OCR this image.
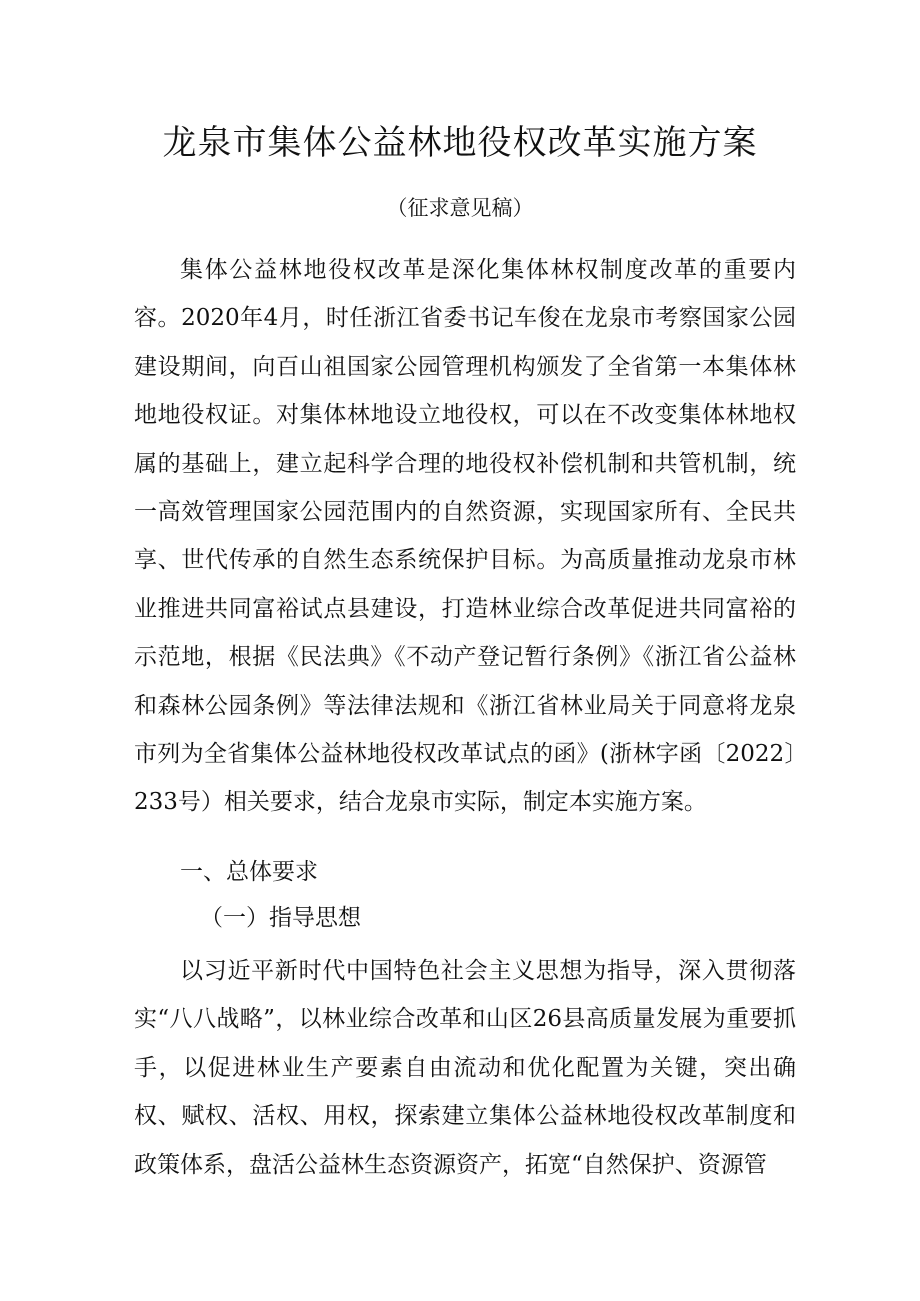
龙泉市集体公益林地役权改革实施方案

（征求意见稿）

集体公益林地役权改革是深化集体林权制度改革的重要内容。2020年4月，时任浙江省委书记车俊在龙泉市考察国家公园建设期间，向百山祖国家公园管理机构颁发了全省第一本集体林地地役权证。对集体林地设立地役权，可以在不改变集体林地权属的基础上，建立起科学合理的地役权补偿机制和共管机制，统一高效管理国家公园范围内的自然资源，实现国家所有、全民共享、世代传承的自然生态系统保护目标。为高质量推动龙泉市林业推进共同富裕试点县建设，打造林业综合改革促进共同富裕的示范地，根据《民法典》《不动产登记暂行条例》《浙江省公益林和森林公园条例》等法律法规和《浙江省林业局关于同意将龙泉市列为全省集体公益林地役权改革试点的函》(浙林字函〔2022〕233号）相关要求，结合龙泉市实际，制定本实施方案。

一、总体要求

（一）指导思想

以习近平新时代中国特色社会主义思想为指导，深入贯彻落实“八八战略”，以林业综合改革和山区26县高质量发展为重要抓手，以促进林业生产要素自由流动和优化配置为关键，突出确权、赋权、活权、用权，探索建立集体公益林地役权改革制度和政策体系，盘活公益林生态资源资产，拓宽“自然保护、资源管
